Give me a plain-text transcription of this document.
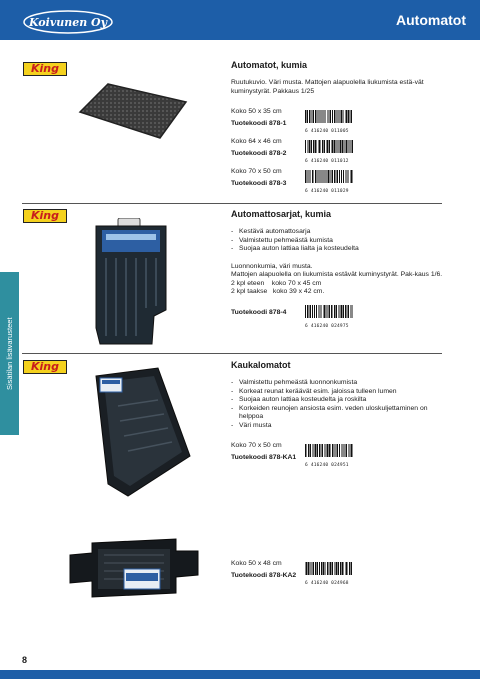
Koivunen Oy	Automatot
Sisätilan lisävarusteet
King	Automatot, kumia

Ruutukuvio. Väri musta. Mattojen alapuolella liukumista estä-vät kuminystyrät. Pakkaus 1/25

Koko 50 x 35 cm
Tuotekoodi 878-1
6 416240 011005
Koko 64 x 46 cm
Tuotekoodi 878-2
6 416240 011012
Koko 70 x 50 cm
Tuotekoodi 878-3
6 416240 011029
King	Automattosarjat, kumia
- Kestävä automattosarja
- Valmistettu pehmeästä kumista
- Suojaa auton lattiaa lialta ja kosteudelta

Luonnonkumia, väri musta.

Mattojen alapuolella on liukumista estävät kuminystyrät. Pak-kaus 1/6.

2 kpl eteen    koko 70 x 45 cm

2 kpl taakse   koko 39 x 42 cm.

Tuotekoodi 878-4
6 416240 024975
King	Kaukalomatot
- Valmistettu pehmeästä luonnonkumista
- Korkeat reunat keräävät esim. jaloissa tulleen lumen
- Suojaa auton lattiaa kosteudelta ja roskilta
- Korkeiden reunojen ansiosta esim. veden uloskuljettaminen on helppoa
- Väri musta
Koko 70 x 50 cm
Tuotekoodi 878-KA1
6 416240 024951
Koko 50 x 48 cm
Tuotekoodi 878-KA2
6 416240 024968
8
